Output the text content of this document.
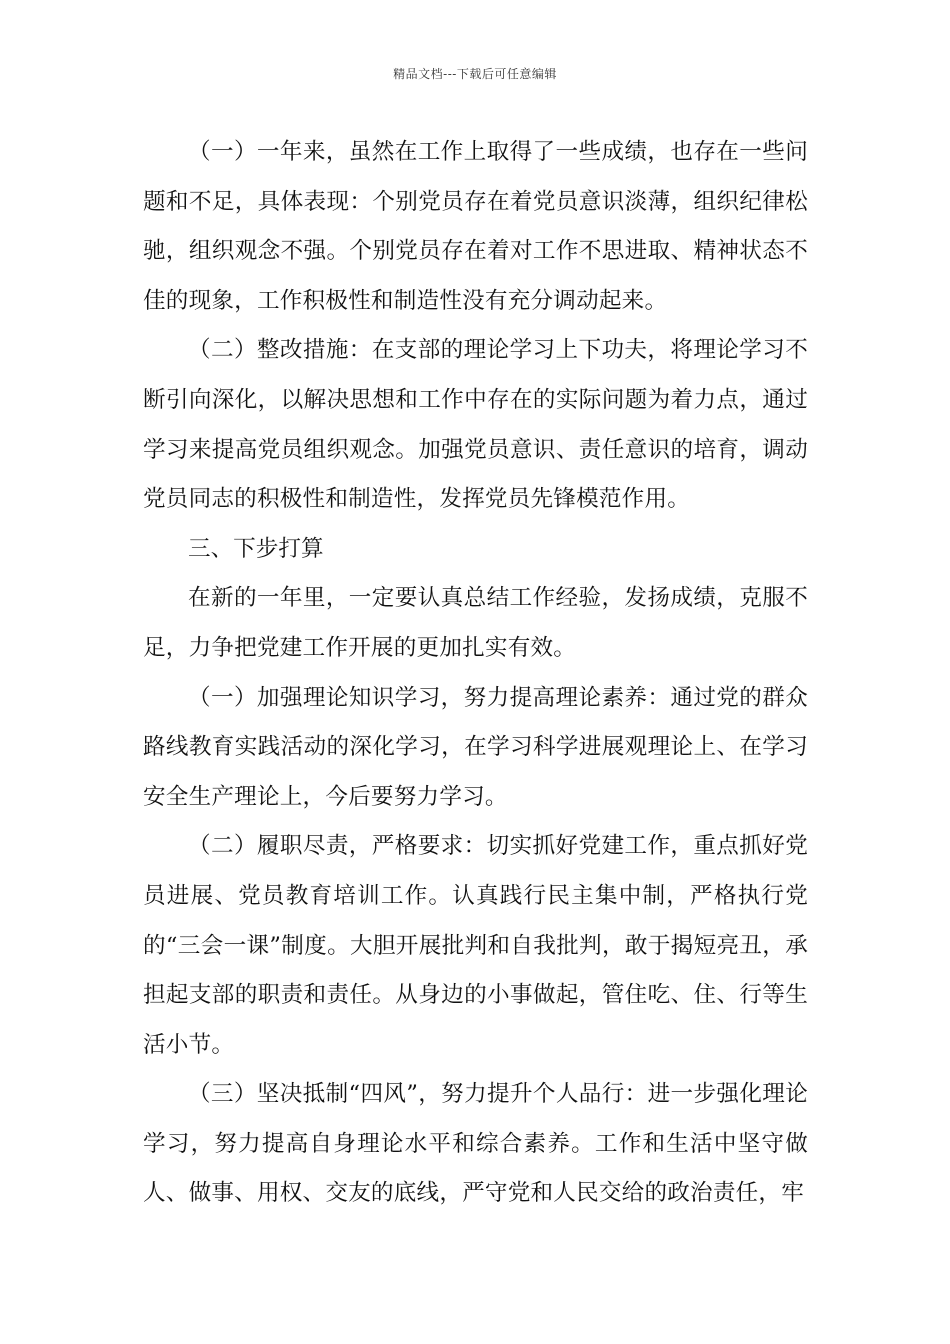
精品文档---下载后可任意编辑

（一）一年来，虽然在工作上取得了一些成绩，也存在一些问题和不足，具体表现：个别党员存在着党员意识淡薄，组织纪律松驰，组织观念不强。个别党员存在着对工作不思进取、精神状态不佳的现象，工作积极性和制造性没有充分调动起来。

（二）整改措施：在支部的理论学习上下功夫，将理论学习不断引向深化，以解决思想和工作中存在的实际问题为着力点，通过学习来提高党员组织观念。加强党员意识、责任意识的培育，调动党员同志的积极性和制造性，发挥党员先锋模范作用。

三、下步打算

在新的一年里，一定要认真总结工作经验，发扬成绩，克服不足，力争把党建工作开展的更加扎实有效。

（一）加强理论知识学习，努力提高理论素养：通过党的群众路线教育实践活动的深化学习，在学习科学进展观理论上、在学习安全生产理论上，今后要努力学习。

（二）履职尽责，严格要求：切实抓好党建工作，重点抓好党员进展、党员教育培训工作。认真践行民主集中制，严格执行党的“三会一课”制度。大胆开展批判和自我批判，敢于揭短亮丑，承担起支部的职责和责任。从身边的小事做起，管住吃、住、行等生活小节。

（三）坚决抵制“四风”，努力提升个人品行：进一步强化理论学习，努力提高自身理论水平和综合素养。工作和生活中坚守做人、做事、用权、交友的底线，严守党和人民交给的政治责任，牢
